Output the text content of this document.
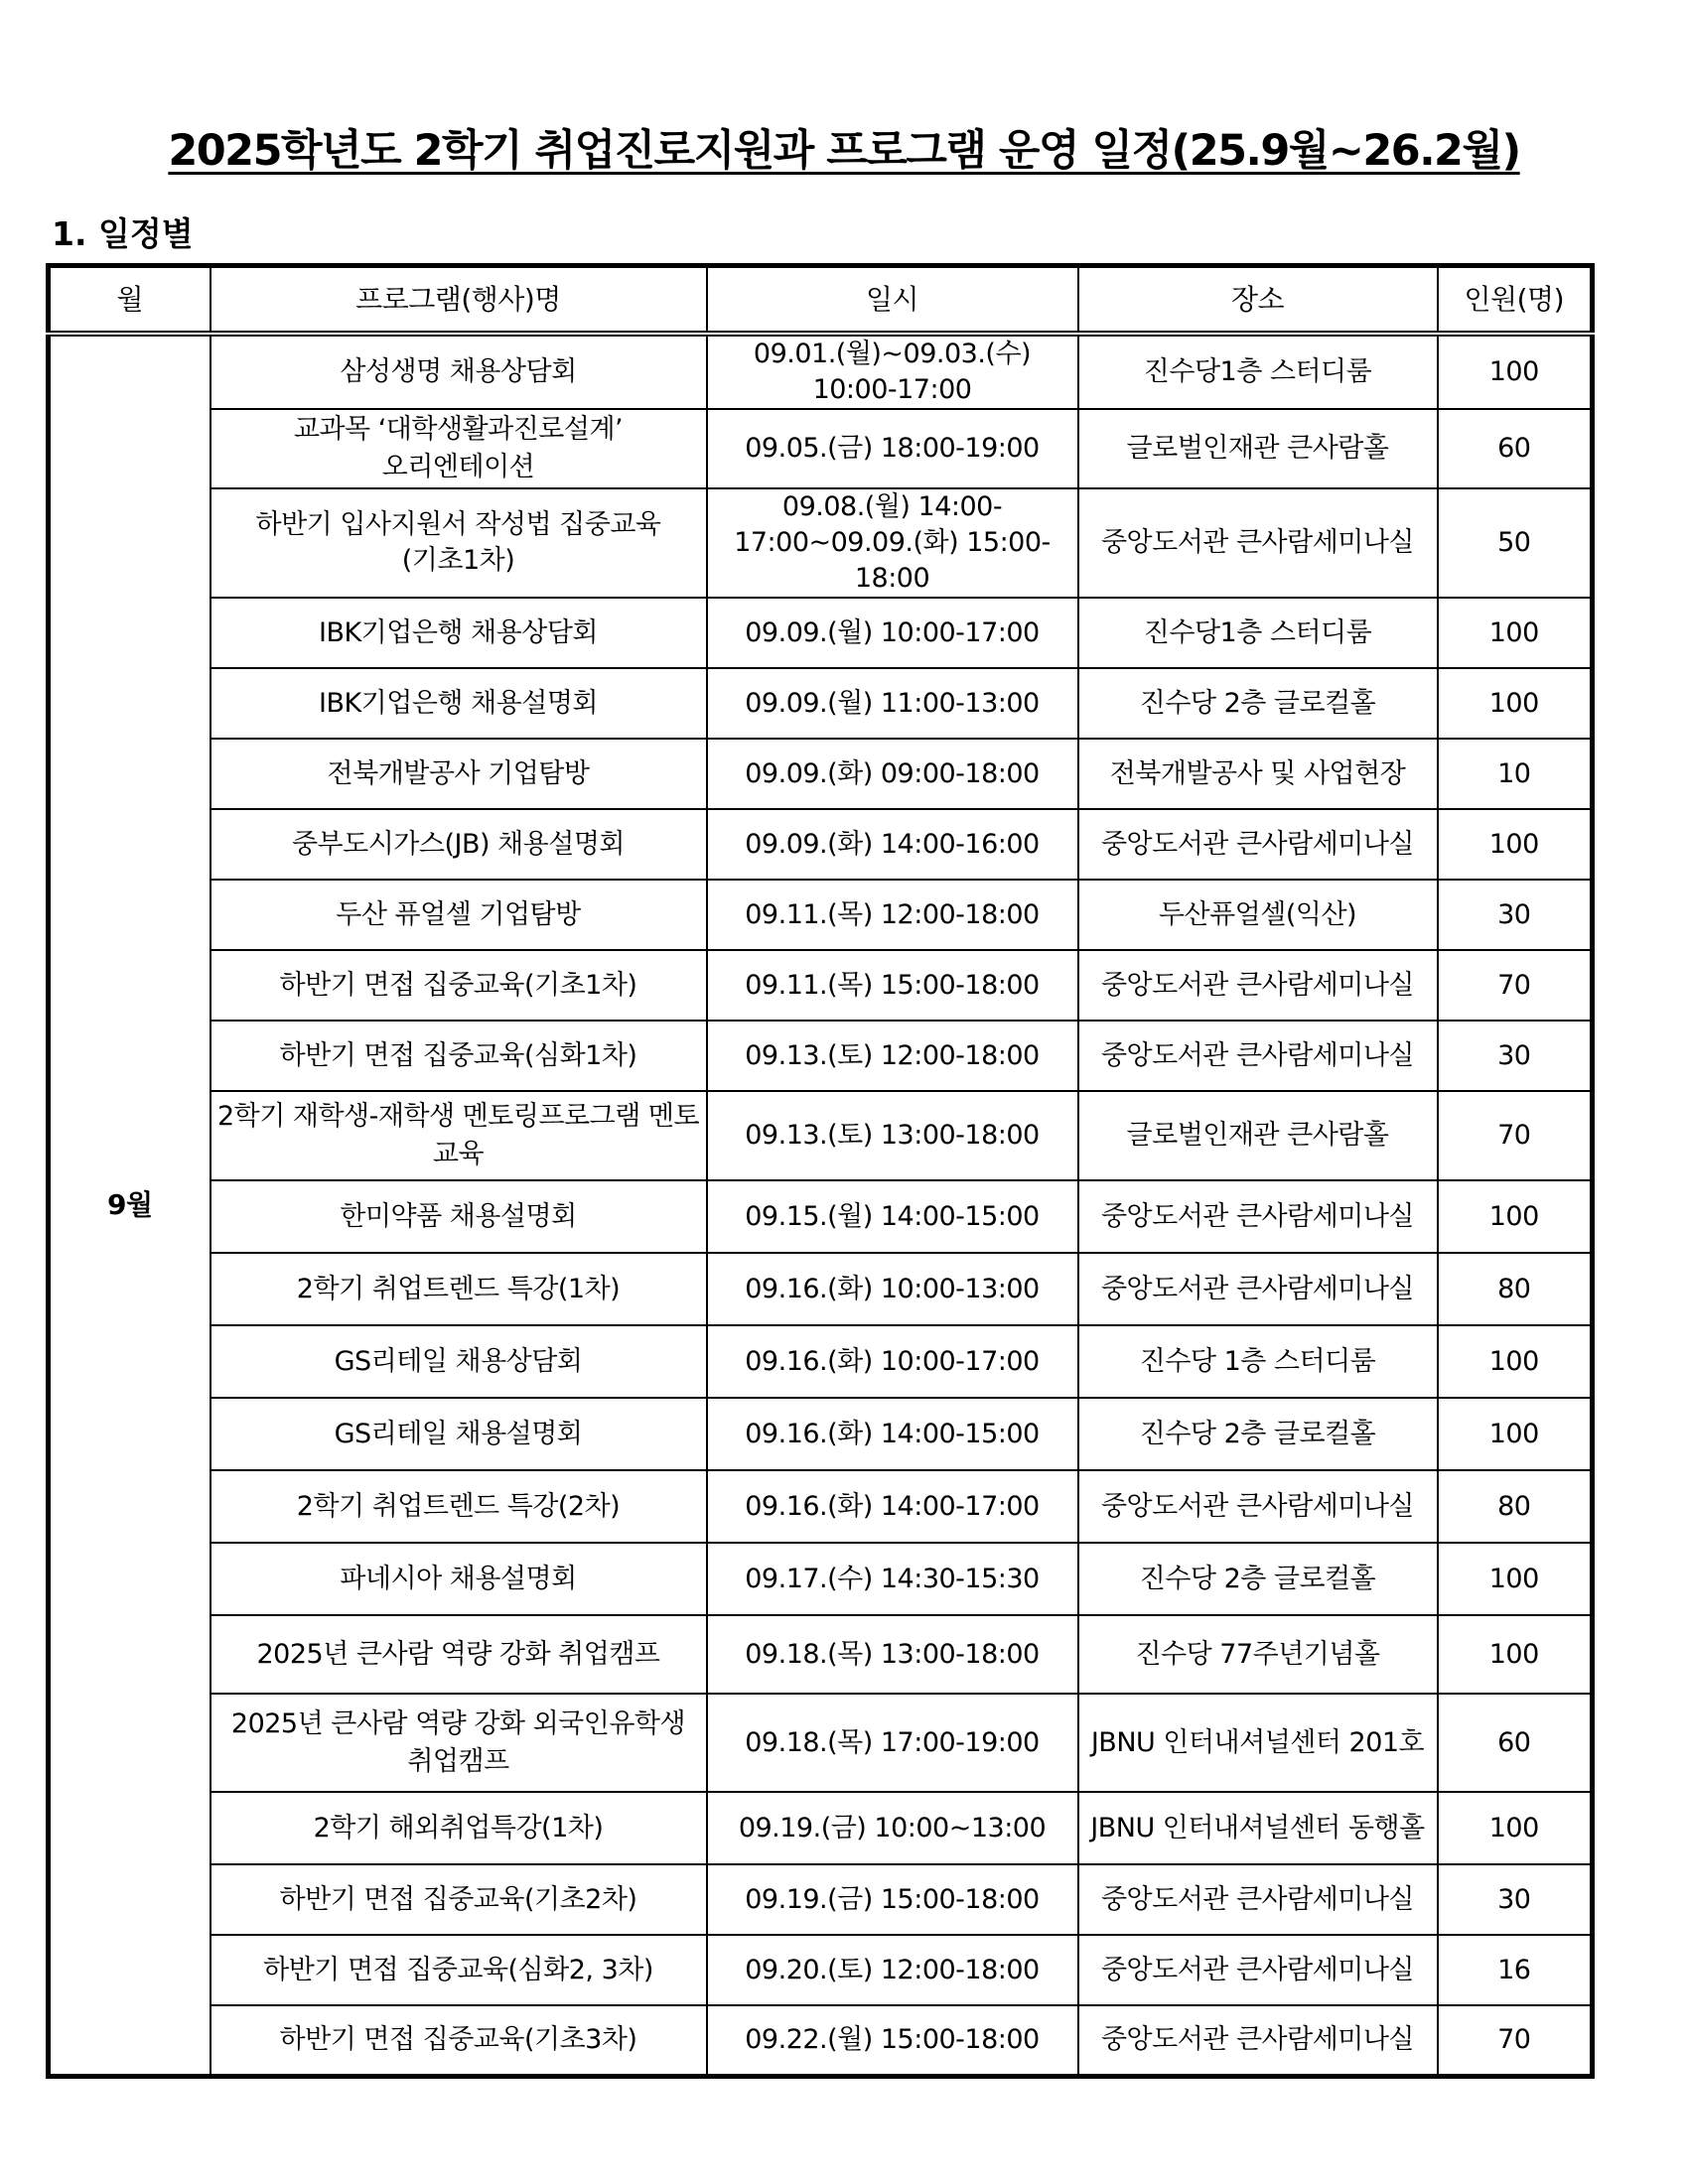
2025학년도 2학기 취업진로지원과 프로그램 운영 일정(25.9월~26.2월)
1. 일정별
월	프로그램(행사)명	일시	장소	인원(명)
9월	삼성생명 채용상담회	09.01.(월)~09.03.(수) 10:00-17:00	진수당1층 스터디룸	100
	교과목 ‘대학생활과진로설계’ 오리엔테이션	09.05.(금) 18:00-19:00	글로벌인재관 큰사람홀	60
	하반기 입사지원서 작성법 집중교육(기초1차)	09.08.(월) 14:00-17:00~09.09.(화) 15:00-18:00	중앙도서관 큰사람세미나실	50
	IBK기업은행 채용상담회	09.09.(월) 10:00-17:00	진수당1층 스터디룸	100
	IBK기업은행 채용설명회	09.09.(월) 11:00-13:00	진수당 2층 글로컬홀	100
	전북개발공사 기업탐방	09.09.(화) 09:00-18:00	전북개발공사 및 사업현장	10
	중부도시가스(JB) 채용설명회	09.09.(화) 14:00-16:00	중앙도서관 큰사람세미나실	100
	두산 퓨얼셀 기업탐방	09.11.(목) 12:00-18:00	두산퓨얼셀(익산)	30
	하반기 면접 집중교육(기초1차)	09.11.(목) 15:00-18:00	중앙도서관 큰사람세미나실	70
	하반기 면접 집중교육(심화1차)	09.13.(토) 12:00-18:00	중앙도서관 큰사람세미나실	30
	2학기 재학생-재학생 멘토링프로그램 멘토 교육	09.13.(토) 13:00-18:00	글로벌인재관 큰사람홀	70
	한미약품 채용설명회	09.15.(월) 14:00-15:00	중앙도서관 큰사람세미나실	100
	2학기 취업트렌드 특강(1차)	09.16.(화) 10:00-13:00	중앙도서관 큰사람세미나실	80
	GS리테일 채용상담회	09.16.(화) 10:00-17:00	진수당 1층 스터디룸	100
	GS리테일 채용설명회	09.16.(화) 14:00-15:00	진수당 2층 글로컬홀	100
	2학기 취업트렌드 특강(2차)	09.16.(화) 14:00-17:00	중앙도서관 큰사람세미나실	80
	파네시아 채용설명회	09.17.(수) 14:30-15:30	진수당 2층 글로컬홀	100
	2025년 큰사람 역량 강화 취업캠프	09.18.(목) 13:00-18:00	진수당 77주년기념홀	100
	2025년 큰사람 역량 강화 외국인유학생 취업캠프	09.18.(목) 17:00-19:00	JBNU 인터내셔널센터 201호	60
	2학기 해외취업특강(1차)	09.19.(금) 10:00~13:00	JBNU 인터내셔널센터 동행홀	100
	하반기 면접 집중교육(기초2차)	09.19.(금) 15:00-18:00	중앙도서관 큰사람세미나실	30
	하반기 면접 집중교육(심화2, 3차)	09.20.(토) 12:00-18:00	중앙도서관 큰사람세미나실	16
	하반기 면접 집중교육(기초3차)	09.22.(월) 15:00-18:00	중앙도서관 큰사람세미나실	70
